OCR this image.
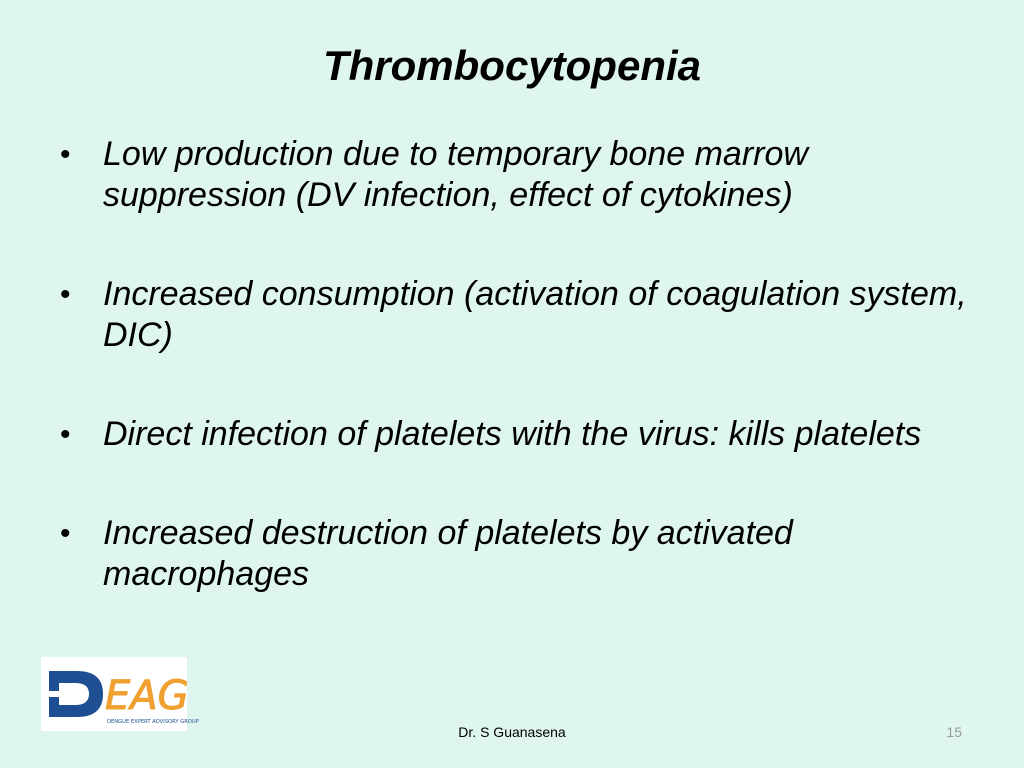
Thrombocytopenia
• Low production due to temporary bone marrow suppression (DV infection, effect of cytokines)
• Increased consumption (activation of coagulation system, DIC)
• Direct infection of platelets with the virus: kills platelets
• Increased destruction of platelets by activated macrophages
EAG
DENGUE EXPERT ADVISORY GROUP
Dr. S Guanasena	15
